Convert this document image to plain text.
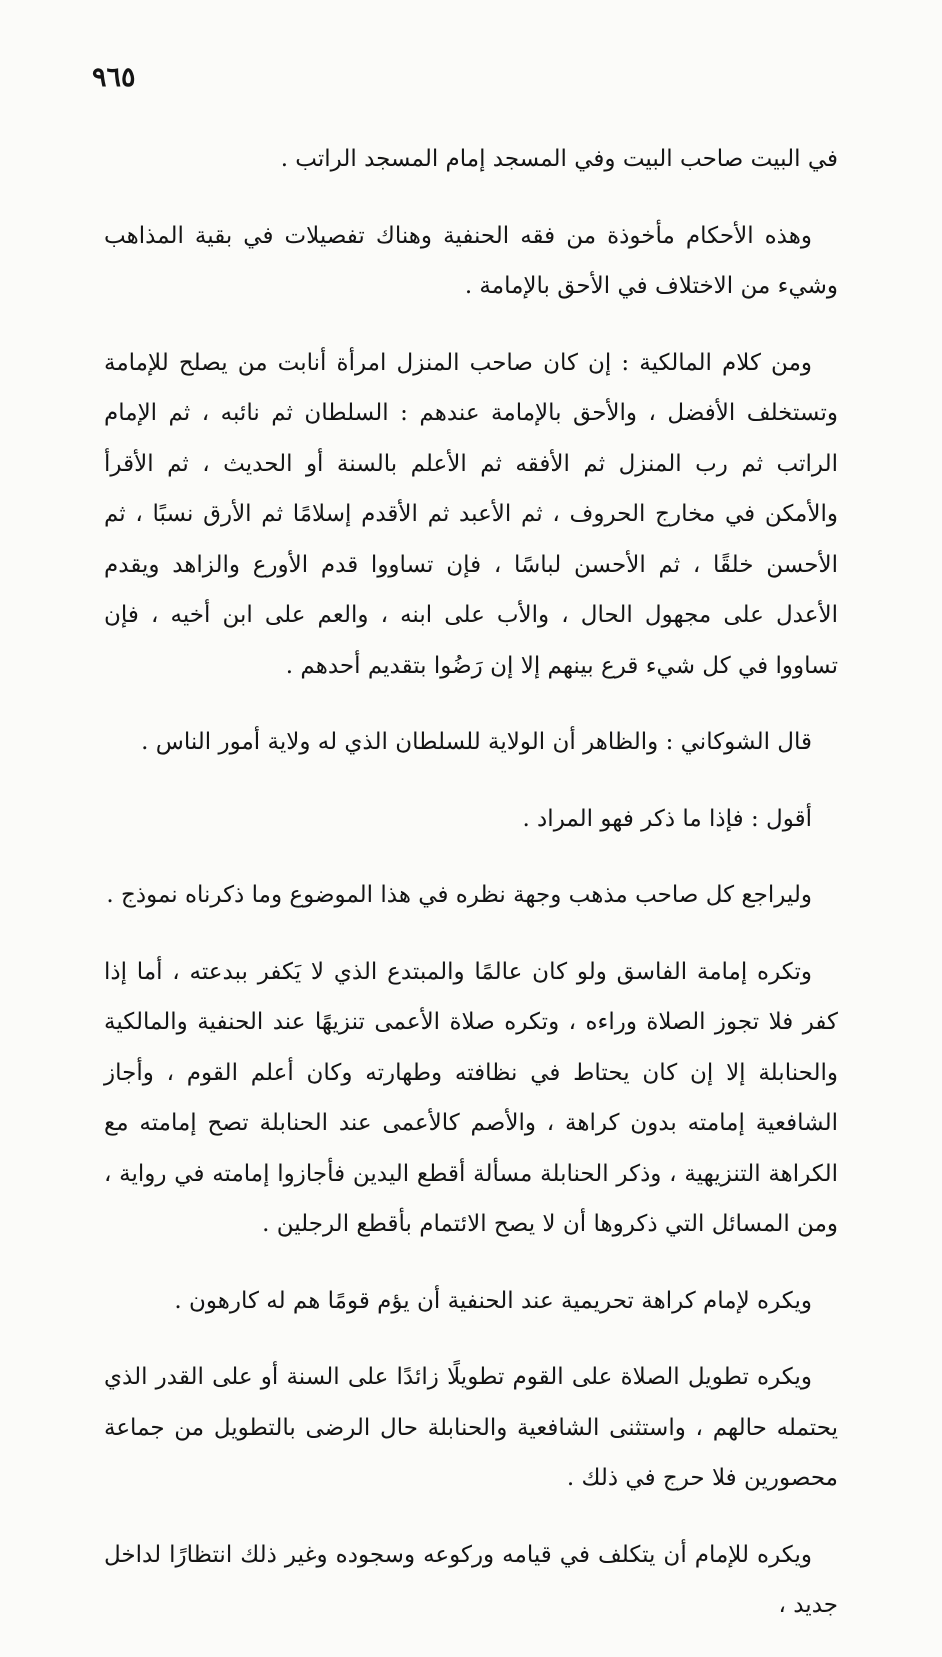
٩٦٥

في البيت صاحب البيت وفي المسجد إمام المسجد الراتب .

وهذه الأحكام مأخوذة من فقه الحنفية وهناك تفصيلات في بقية المذاهب وشيء من الاختلاف في الأحق بالإمامة .

ومن كلام المالكية : إن كان صاحب المنزل امرأة أنابت من يصلح للإمامة وتستخلف الأفضل ، والأحق بالإمامة عندهم : السلطان ثم نائبه ، ثم الإمام الراتب ثم رب المنزل ثم الأفقه ثم الأعلم بالسنة أو الحديث ، ثم الأقرأ والأمكن في مخارج الحروف ، ثم الأعبد ثم الأقدم إسلامًا ثم الأرق نسبًا ، ثم الأحسن خلقًا ، ثم الأحسن لباسًا ، فإن تساووا قدم الأورع والزاهد ويقدم الأعدل على مجهول الحال ، والأب على ابنه ، والعم على ابن أخيه ، فإن تساووا في كل شيء قرع بينهم إلا إن رَضُوا بتقديم أحدهم .

قال الشوكاني : والظاهر أن الولاية للسلطان الذي له ولاية أمور الناس .

أقول : فإذا ما ذكر فهو المراد .

وليراجع كل صاحب مذهب وجهة نظره في هذا الموضوع وما ذكرناه نموذج .

وتكره إمامة الفاسق ولو كان عالمًا والمبتدع الذي لا يَكفر ببدعته ، أما إذا كفر فلا تجوز الصلاة وراءه ، وتكره صلاة الأعمى تنزيهًا عند الحنفية والمالكية والحنابلة إلا إن كان يحتاط في نظافته وطهارته وكان أعلم القوم ، وأجاز الشافعية إمامته بدون كراهة ، والأصم كالأعمى عند الحنابلة تصح إمامته مع الكراهة التنزيهية ، وذكر الحنابلة مسألة أقطع اليدين فأجازوا إمامته في رواية ، ومن المسائل التي ذكروها أن لا يصح الائتمام بأقطع الرجلين .

ويكره لإمام كراهة تحريمية عند الحنفية أن يؤم قومًا هم له كارهون .

ويكره تطويل الصلاة على القوم تطويلًا زائدًا على السنة أو على القدر الذي يحتمله حالهم ، واستثنى الشافعية والحنابلة حال الرضى بالتطويل من جماعة محصورين فلا حرج في ذلك .

ويكره للإمام أن يتكلف في قيامه وركوعه وسجوده وغير ذلك انتظارًا لداخل جديد ،
